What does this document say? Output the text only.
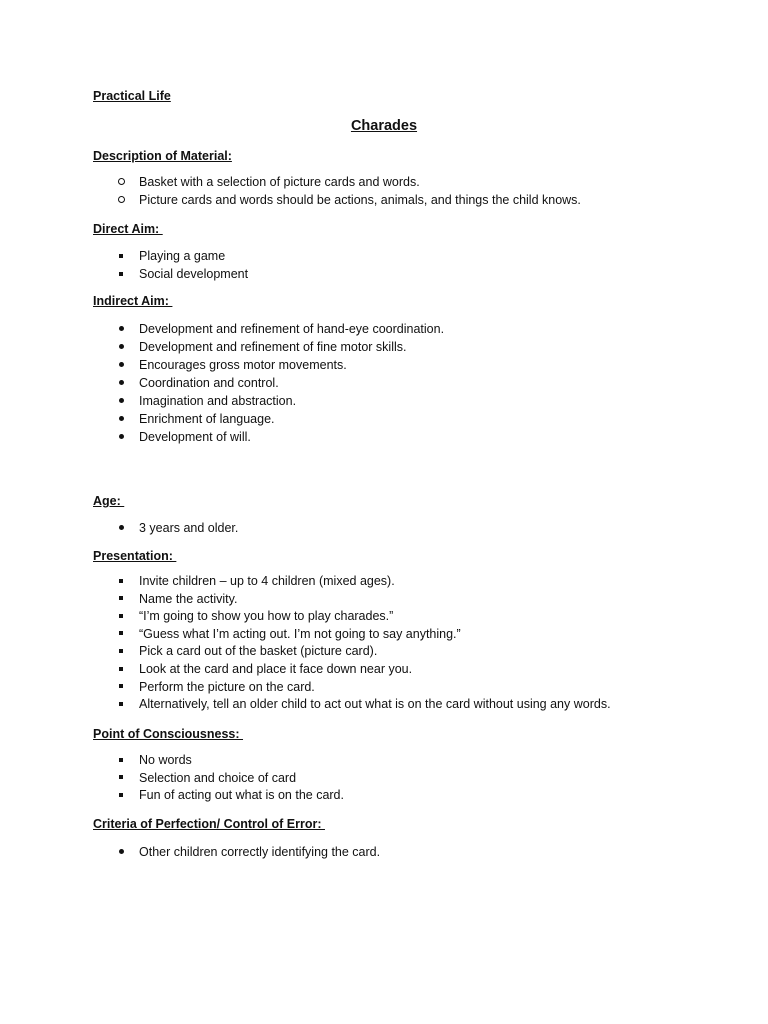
Practical Life
Charades
Description of Material:
Basket with a selection of picture cards and words.
Picture cards and words should be actions, animals, and things the child knows.
Direct Aim:
Playing a game
Social development
Indirect Aim:
Development and refinement of hand-eye coordination.
Development and refinement of fine motor skills.
Encourages gross motor movements.
Coordination and control.
Imagination and abstraction.
Enrichment of language.
Development of will.
Age:
3 years and older.
Presentation:
Invite children – up to 4 children (mixed ages).
Name the activity.
“I’m going to show you how to play charades.”
“Guess what I’m acting out. I’m not going to say anything.”
Pick a card out of the basket (picture card).
Look at the card and place it face down near you.
Perform the picture on the card.
Alternatively, tell an older child to act out what is on the card without using any words.
Point of Consciousness:
No words
Selection and choice of card
Fun of acting out what is on the card.
Criteria of Perfection/ Control of Error:
Other children correctly identifying the card.
